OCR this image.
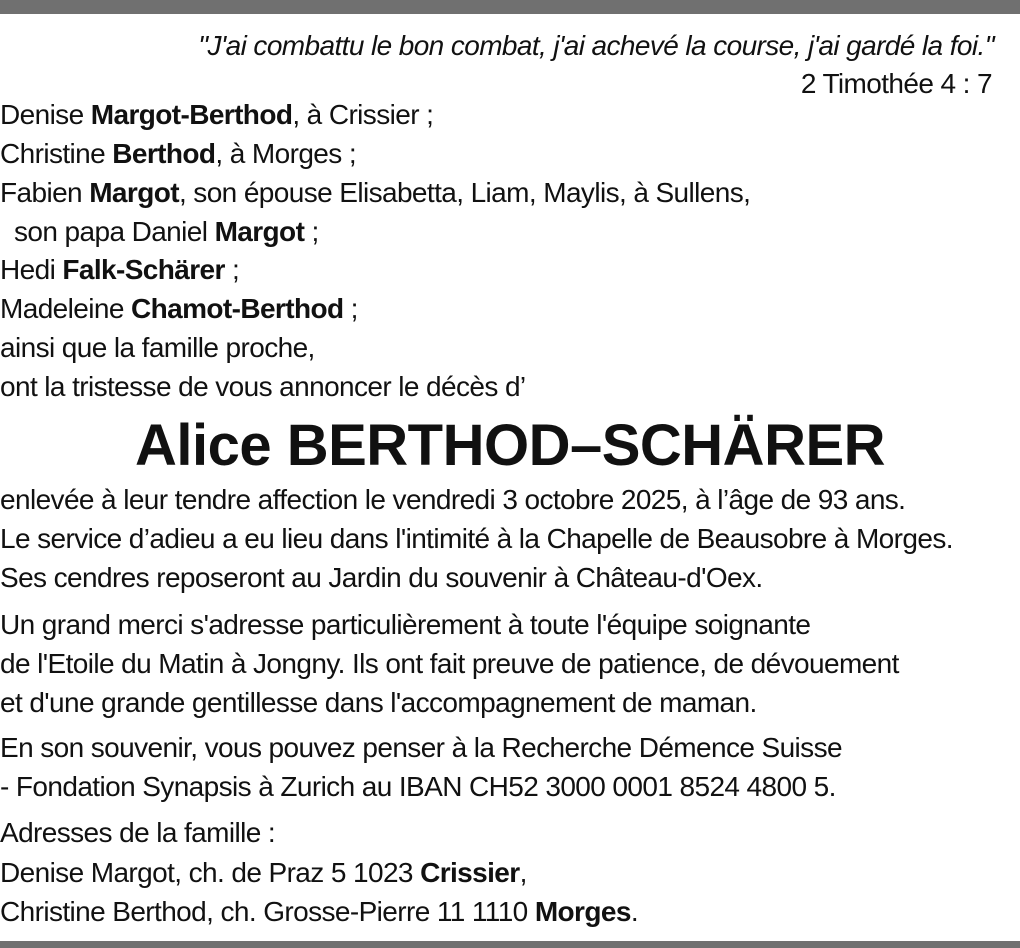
"J'ai combattu le bon combat, j'ai achevé la course, j'ai gardé la foi."
2 Timothée 4 : 7
Denise Margot-Berthod, à Crissier ;
Christine Berthod, à Morges ;
Fabien Margot, son épouse Elisabetta, Liam, Maylis, à Sullens,
son papa Daniel Margot ;
Hedi Falk-Schärer ;
Madeleine Chamot-Berthod ;
ainsi que la famille proche,
ont la tristesse de vous annoncer le décès d’
Alice BERTHOD–SCHÄRER
enlevée à leur tendre affection le vendredi 3 octobre 2025, à l’âge de 93 ans.
Le service d’adieu a eu lieu dans l'intimité à la Chapelle de Beausobre à Morges.
Ses cendres reposeront au Jardin du souvenir à Château-d'Oex.
Un grand merci s'adresse particulièrement à toute l'équipe soignante
de l'Etoile du Matin à Jongny. Ils ont fait preuve de patience, de dévouement
et d'une grande gentillesse dans l'accompagnement de maman.
En son souvenir, vous pouvez penser à la Recherche Démence Suisse
- Fondation Synapsis à Zurich au IBAN CH52 3000 0001 8524 4800 5.
Adresses de la famille :
Denise Margot, ch. de Praz 5 1023 Crissier,
Christine Berthod, ch. Grosse-Pierre 11 1110 Morges.
